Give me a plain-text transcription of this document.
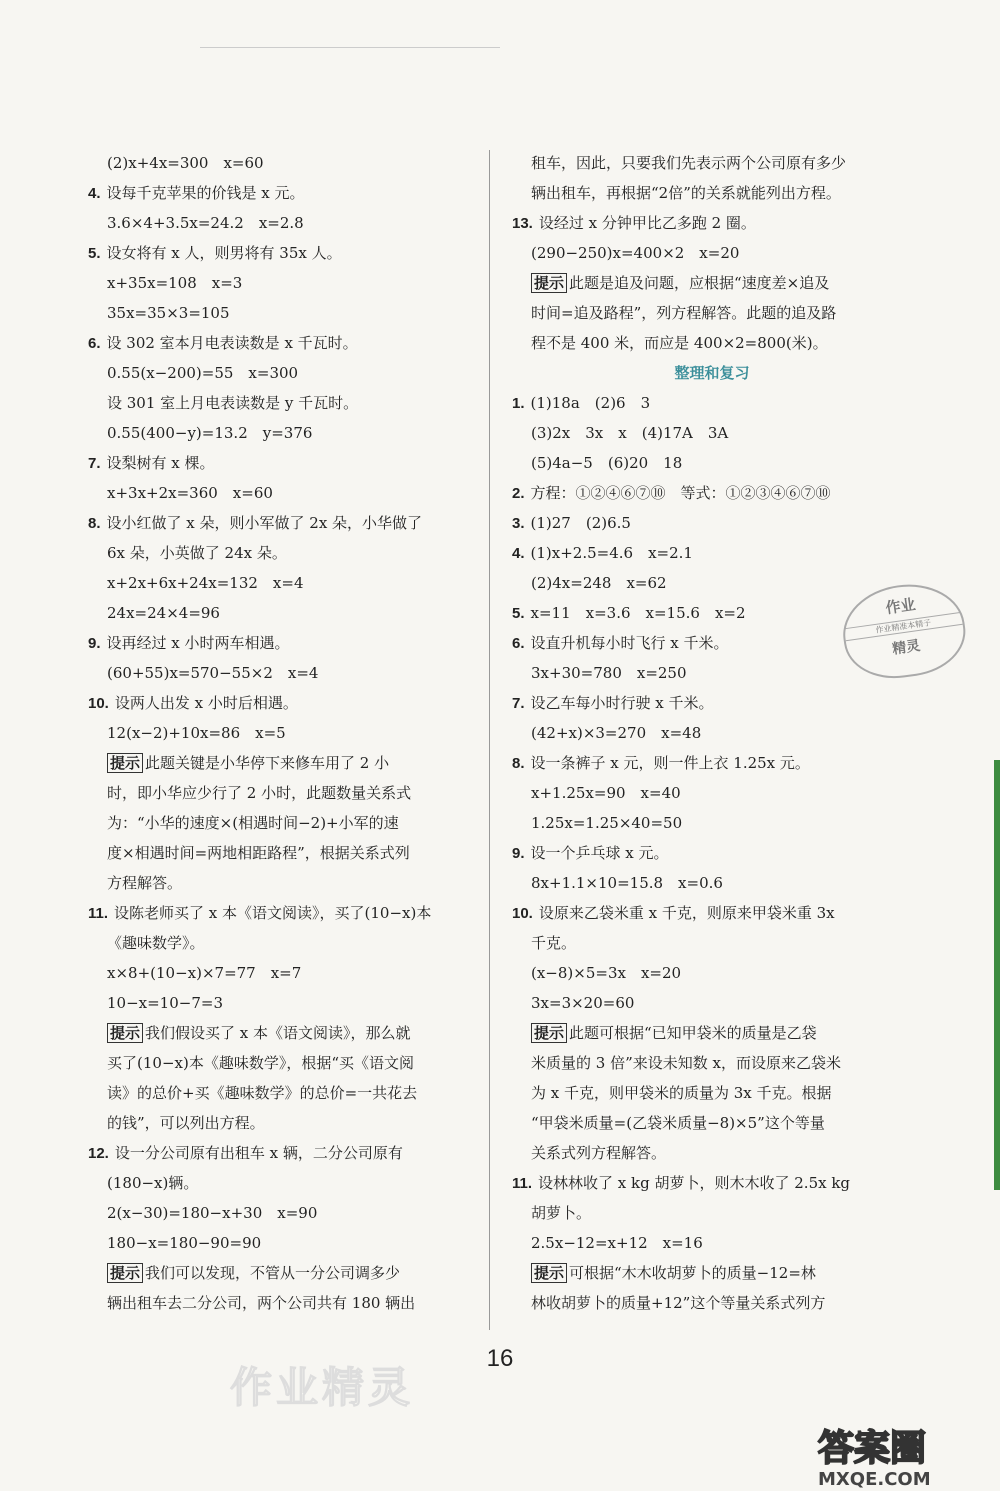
(2)x+4x=300　x=60
4. 设每千克苹果的价钱是 x 元。
3.6×4+3.5x=24.2　x=2.8
5. 设女将有 x 人，则男将有 35x 人。
x+35x=108　x=3
35x=35×3=105
6. 设 302 室本月电表读数是 x 千瓦时。
0.55(x−200)=55　x=300
设 301 室上月电表读数是 y 千瓦时。
0.55(400−y)=13.2　y=376
7. 设梨树有 x 棵。
x+3x+2x=360　x=60
8. 设小红做了 x 朵，则小军做了 2x 朵，小华做了
6x 朵，小英做了 24x 朵。
x+2x+6x+24x=132　x=4
24x=24×4=96
9. 设再经过 x 小时两车相遇。
(60+55)x=570−55×2　x=4
10. 设两人出发 x 小时后相遇。
12(x−2)+10x=86　x=5
提示 此题关键是小华停下来修车用了 2 小
时，即小华应少行了 2 小时，此题数量关系式
为：“小华的速度×(相遇时间−2)+小军的速
度×相遇时间=两地相距路程”，根据关系式列
方程解答。
11. 设陈老师买了 x 本《语文阅读》，买了(10−x)本
《趣味数学》。
x×8+(10−x)×7=77　x=7
10−x=10−7=3
提示 我们假设买了 x 本《语文阅读》，那么就
买了(10−x)本《趣味数学》，根据“买《语文阅
读》的总价+买《趣味数学》的总价=一共花去
的钱”，可以列出方程。
12. 设一分公司原有出租车 x 辆，二分公司原有
(180−x)辆。
2(x−30)=180−x+30　x=90
180−x=180−90=90
提示 我们可以发现，不管从一分公司调多少
辆出租车去二分公司，两个公司共有 180 辆出
租车，因此，只要我们先表示两个公司原有多少
辆出租车，再根据“2倍”的关系就能列出方程。
13. 设经过 x 分钟甲比乙多跑 2 圈。
(290−250)x=400×2　x=20
提示 此题是追及问题，应根据“速度差×追及
时间=追及路程”，列方程解答。此题的追及路
程不是 400 米，而应是 400×2=800(米)。
整理和复习
1. (1)18a　(2)6　3
(3)2x　3x　x　(4)17A　3A
(5)4a−5　(6)20　18
2. 方程：①②④⑥⑦⑩　等式：①②③④⑥⑦⑩
3. (1)27　(2)6.5
4. (1)x+2.5=4.6　x=2.1
(2)4x=248　x=62
5. x=11　x=3.6　x=15.6　x=2
6. 设直升机每小时飞行 x 千米。
3x+30=780　x=250
7. 设乙车每小时行驶 x 千米。
(42+x)×3=270　x=48
8. 设一条裤子 x 元，则一件上衣 1.25x 元。
x+1.25x=90　x=40
1.25x=1.25×40=50
9. 设一个乒乓球 x 元。
8x+1.1×10=15.8　x=0.6
10. 设原来乙袋米重 x 千克，则原来甲袋米重 3x
千克。
(x−8)×5=3x　x=20
3x=3×20=60
提示 此题可根据“已知甲袋米的质量是乙袋
米质量的 3 倍”来设未知数 x，而设原来乙袋米
为 x 千克，则甲袋米的质量为 3x 千克。根据
“甲袋米质量=(乙袋米质量−8)×5”这个等量
关系式列方程解答。
11. 设林林收了 x kg 胡萝卜，则木木收了 2.5x kg
胡萝卜。
2.5x−12=x+12　x=16
提示 可根据“木木收胡萝卜的质量−12=林
林收胡萝卜的质量+12”这个等量关系式列方
作业
作业精准本精子
精灵
16
作业精灵
答案圈
MXQE.COM
